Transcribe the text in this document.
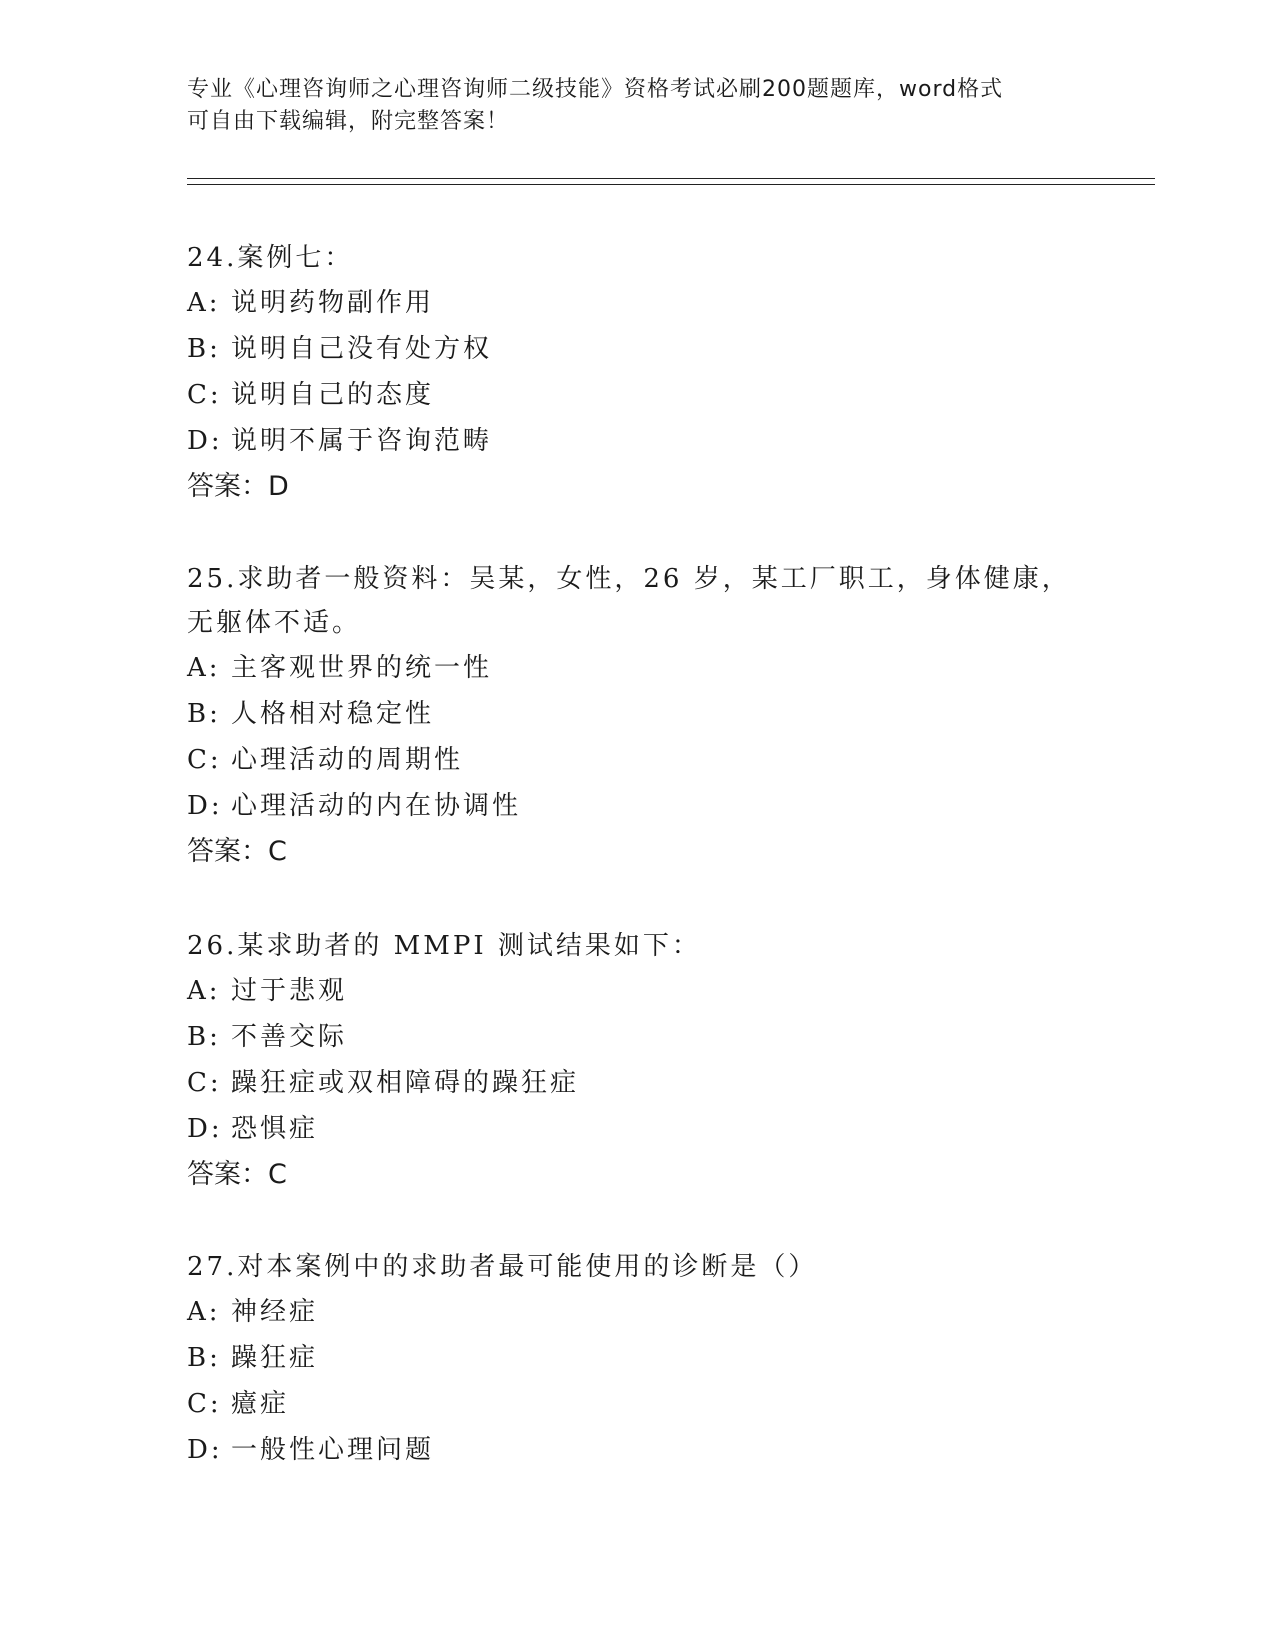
专业《心理咨询师之心理咨询师二级技能》资格考试必刷200题题库，word格式
可自由下载编辑，附完整答案！
24.案例七：
A: 说明药物副作用
B: 说明自己没有处方权
C: 说明自己的态度
D: 说明不属于咨询范畴
答案：D
25.求助者一般资料：吴某，女性，26 岁，某工厂职工，身体健康，无躯体不适。
A: 主客观世界的统一性
B: 人格相对稳定性
C: 心理活动的周期性
D: 心理活动的内在协调性
答案：C
26.某求助者的 MMPI 测试结果如下：
A: 过于悲观
B: 不善交际
C: 躁狂症或双相障碍的躁狂症
D: 恐惧症
答案：C
27.对本案例中的求助者最可能使用的诊断是（）
A: 神经症
B: 躁狂症
C: 癔症
D: 一般性心理问题
